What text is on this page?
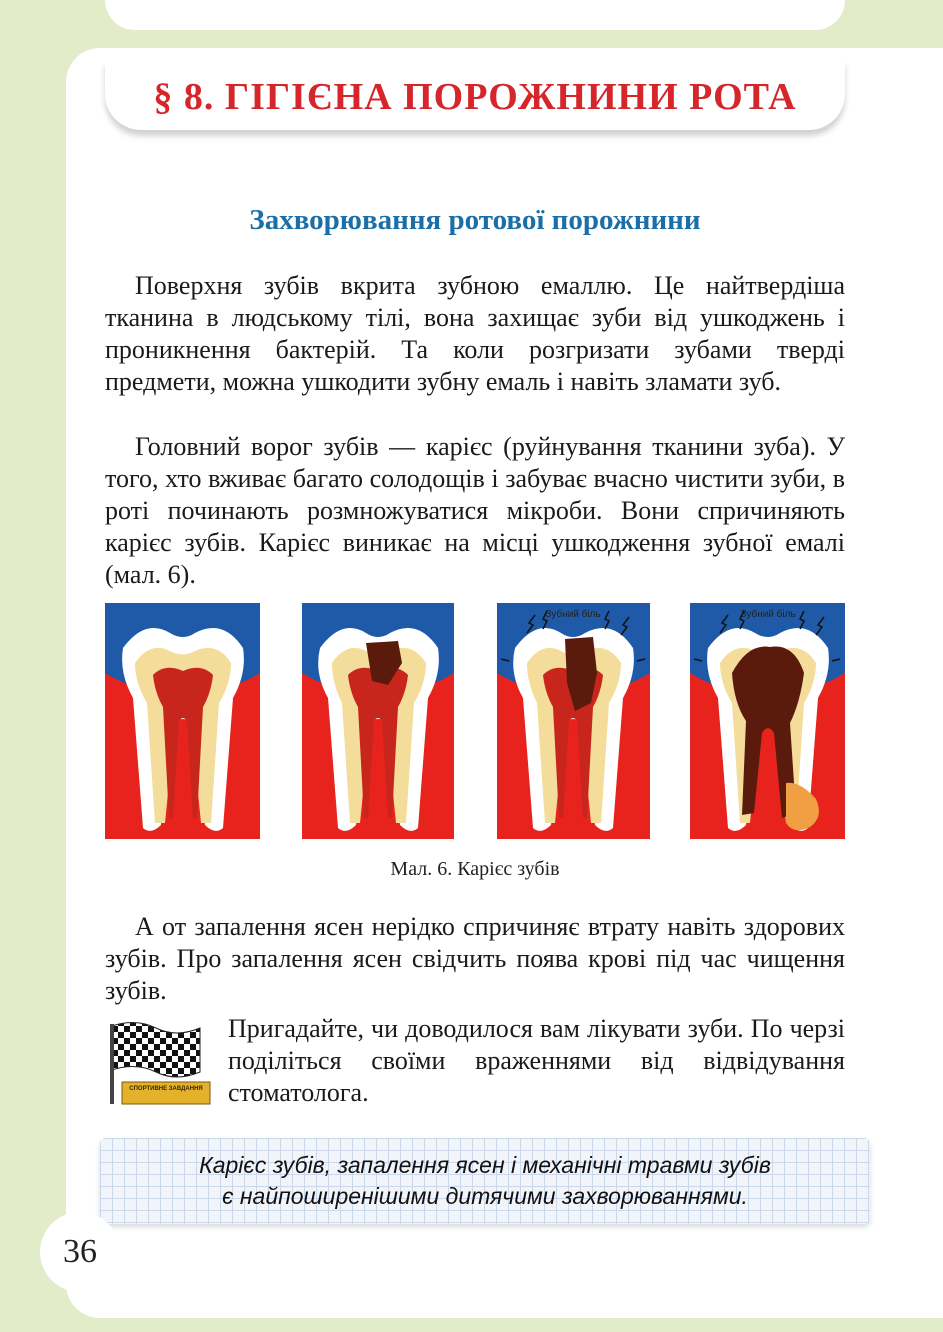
§ 8. ГІГІЄНА ПОРОЖНИНИ РОТА
Захворювання ротової порожнини

Поверхня зубів вкрита зубною емаллю. Це найтвердіша тканина в людському тілі, вона захищає зуби від ушкоджень і проникнення бактерій. Та коли розгризати зубами тверді предмети, можна ушкодити зубну емаль і навіть зламати зуб.

Головний ворог зубів — карієс (руйнування тканини зуба). У того, хто вживає багато солодощів і забуває вчасно чистити зуби, в роті починають розмножуватися мікроби. Вони спричиняють карієс зубів. Карієс виникає на місці ушкодження зубної емалі (мал. 6).

Зубний біль	Зубний біль
Мал. 6. Карієс зубів

А от запалення ясен нерідко спричиняє втрату навіть здорових зубів. Про запалення ясен свідчить поява крові під час чищення зубів.

СПОРТИВНЕ ЗАВДАННЯ

Пригадайте, чи доводилося вам лікувати зуби. По черзі поділіться своїми враженнями від відвідування стоматолога.

Карієс зубів, запалення ясен і механічні травми зубів
є найпоширенішими дитячими захворюваннями.
36
